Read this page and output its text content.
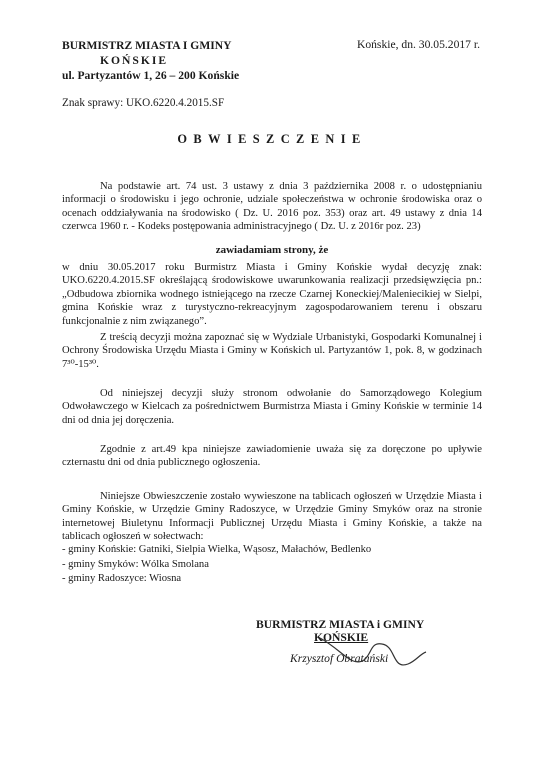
BURMISTRZ MIASTA I GMINY
KOŃSKIE
ul. Partyzantów 1, 26 – 200 Końskie
Końskie, dn. 30.05.2017 r.
Znak sprawy: UKO.6220.4.2015.SF
OBWIESZCZENIE
Na podstawie art. 74 ust. 3 ustawy z dnia 3 października 2008 r. o udostępnianiu informacji o środowisku i jego ochronie, udziale społeczeństwa w ochronie środowiska oraz o ocenach oddziaływania na środowisko ( Dz. U. 2016 poz. 353) oraz art. 49 ustawy z dnia 14 czerwca 1960 r. - Kodeks postępowania administracyjnego ( Dz. U. z 2016r poz. 23)
zawiadamiam strony, że
w dniu 30.05.2017 roku Burmistrz Miasta i Gminy Końskie wydał decyzję znak: UKO.6220.4.2015.SF określającą środowiskowe uwarunkowania realizacji przedsięwzięcia pn.: „Odbudowa zbiornika wodnego istniejącego na rzecze Czarnej Koneckiej/Maleniecikiej w Sielpi, gmina Końskie wraz z turystyczno-rekreacyjnym zagospodarowaniem terenu i obszaru funkcjonalnie z nim związanego”.
Z treścią decyzji można zapoznać się w Wydziale Urbanistyki, Gospodarki Komunalnej i Ochrony Środowiska Urzędu Miasta i Gminy w Końskich ul. Partyzantów 1, pok. 8, w godzinach 7³⁰-15³⁰.
Od niniejszej decyzji służy stronom odwołanie do Samorządowego Kolegium Odwoławczego w Kielcach za pośrednictwem Burmistrza Miasta i Gminy Końskie w terminie 14 dni od dnia jej doręczenia.
Zgodnie z art.49 kpa niniejsze zawiadomienie uważa się za doręczone po upływie czternastu dni od dnia publicznego ogłoszenia.
Niniejsze Obwieszczenie zostało wywieszone na tablicach ogłoszeń w Urzędzie Miasta i Gminy Końskie, w Urzędzie Gminy Radoszyce, w Urzędzie Gminy Smyków oraz na stronie internetowej Biuletynu Informacji Publicznej Urzędu Miasta i Gminy Końskie, a także na tablicach ogłoszeń w sołectwach:
- gminy Końskie: Gatniki, Sielpia Wielka, Wąsosz, Małachów, Bedlenko
- gminy Smyków: Wólka Smolana
- gminy Radoszyce: Wiosna
BURMISTRZ MIASTA i GMINY
KOŃSKIE
Krzysztof Obratański
